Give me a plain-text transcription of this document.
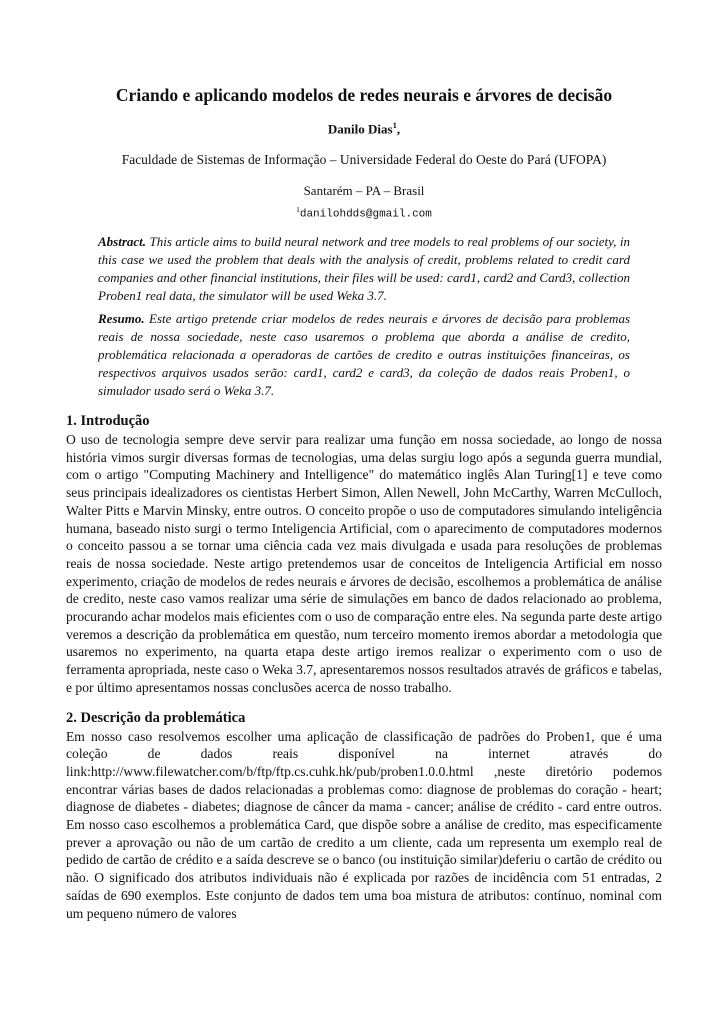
Criando e aplicando modelos de redes neurais e árvores de decisão
Danilo Dias$^1$,
Faculdade de Sistemas de Informação – Universidade Federal do Oeste do Pará (UFOPA)
Santarém – PA – Brasil
$^1$danilohdds@gmail.com
Abstract. This article aims to build neural network and tree models to real problems of our society, in this case we used the problem that deals with the analysis of credit, problems related to credit card companies and other financial institutions, their files will be used: card1, card2 and Card3, collection Proben1 real data, the simulator will be used Weka 3.7.
Resumo. Este artigo pretende criar modelos de redes neurais e árvores de decisão para problemas reais de nossa sociedade, neste caso usaremos o problema que aborda a análise de credito, problemática relacionada a operadoras de cartões de credito e outras instituições financeiras, os respectivos arquivos usados serão: card1, card2 e card3, da coleção de dados reais Proben1, o simulador usado será o Weka 3.7.
1. Introdução
O uso de tecnologia sempre deve servir para realizar uma função em nossa sociedade, ao longo de nossa história vimos surgir diversas formas de tecnologias, uma delas surgiu logo após a segunda guerra mundial, com o artigo "Computing Machinery and Intelligence" do matemático inglês Alan Turing[1] e teve como seus principais idealizadores os cientistas Herbert Simon, Allen Newell, John McCarthy, Warren McCulloch, Walter Pitts e Marvin Minsky, entre outros. O conceito propõe o uso de computadores simulando inteligência humana, baseado nisto surgi o termo Inteligencia Artificial, com o aparecimento de computadores modernos o conceito passou a se tornar uma ciência cada vez mais divulgada e usada para resoluções de problemas reais de nossa sociedade. Neste artigo pretendemos usar de conceitos de Inteligencia Artificial em nosso experimento, criação de modelos de redes neurais e árvores de decisão, escolhemos a problemática de análise de credito, neste caso vamos realizar uma série de simulações em banco de dados relacionado ao problema, procurando achar modelos mais eficientes com o uso de comparação entre eles. Na segunda parte deste artigo veremos a descrição da problemática em questão, num terceiro momento iremos abordar a metodologia que usaremos no experimento, na quarta etapa deste artigo iremos realizar o experimento com o uso de ferramenta apropriada, neste caso o Weka 3.7, apresentaremos nossos resultados através de gráficos e tabelas, e por último apresentamos nossas conclusões acerca de nosso trabalho.
2. Descrição da problemática
Em nosso caso resolvemos escolher uma aplicação de classificação de padrões do Proben1, que é uma coleção de dados reais disponível na internet através do link:http://www.filewatcher.com/b/ftp/ftp.cs.cuhk.hk/pub/proben1.0.0.html ,neste diretório podemos encontrar várias bases de dados relacionadas a problemas como: diagnose de problemas do coração - heart; diagnose de diabetes - diabetes; diagnose de câncer da mama - cancer; análise de crédito - card entre outros. Em nosso caso escolhemos a problemática Card, que dispõe sobre a análise de credito, mas especificamente prever a aprovação ou não de um cartão de credito a um cliente, cada um representa um exemplo real de pedido de cartão de crédito e a saída descreve se o banco (ou instituição similar)deferiu o cartão de crédito ou não. O significado dos atributos individuais não é explicada por razões de incidência com 51 entradas, 2 saídas de 690 exemplos. Este conjunto de dados tem uma boa mistura de atributos: contínuo, nominal com um pequeno número de valores
